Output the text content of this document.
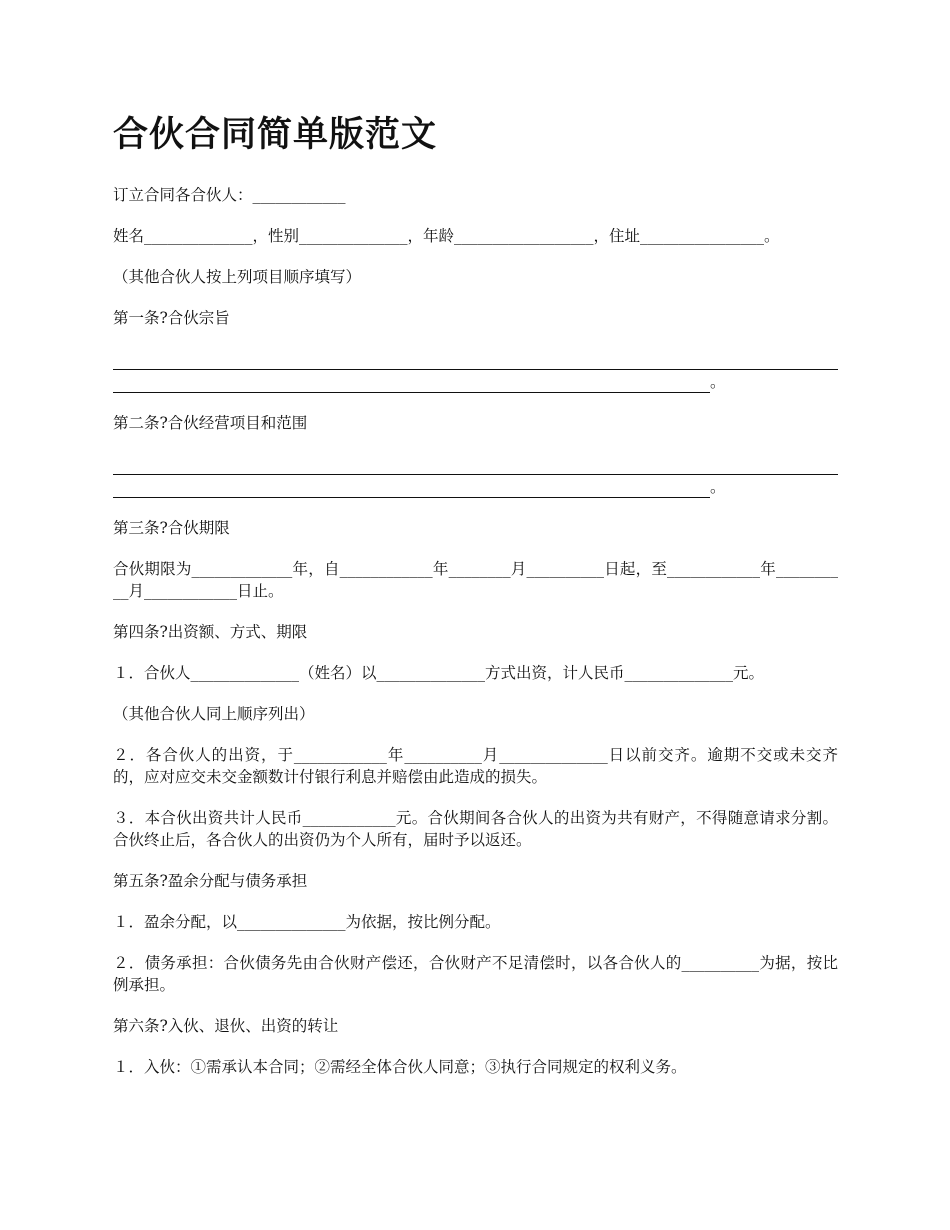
合伙合同简单版范文

订立合同各合伙人：____________

姓名______________，性别______________，年龄__________________，住址________________。

（其他合伙人按上列项目顺序填写）

第一条?合伙宗旨

。

第二条?合伙经营项目和范围

。

第三条?合伙期限

合伙期限为_____________年，自____________年________月__________日起，至____________年__________月____________日止。

第四条?出资额、方式、期限

１．合伙人______________（姓名）以______________方式出资，计人民币______________元。

（其他合伙人同上顺序列出）

２．各合伙人的出资，于____________年__________月______________日以前交齐。逾期不交或未交齐的，应对应交未交金额数计付银行利息并赔偿由此造成的损失。

３．本合伙出资共计人民币____________元。合伙期间各合伙人的出资为共有财产，不得随意请求分割。合伙终止后，各合伙人的出资仍为个人所有，届时予以返还。

第五条?盈余分配与债务承担

１．盈余分配，以______________为依据，按比例分配。

２．债务承担：合伙债务先由合伙财产偿还，合伙财产不足清偿时，以各合伙人的__________为据，按比例承担。

第六条?入伙、退伙、出资的转让

１．入伙：①需承认本合同；②需经全体合伙人同意；③执行合同规定的权利义务。
